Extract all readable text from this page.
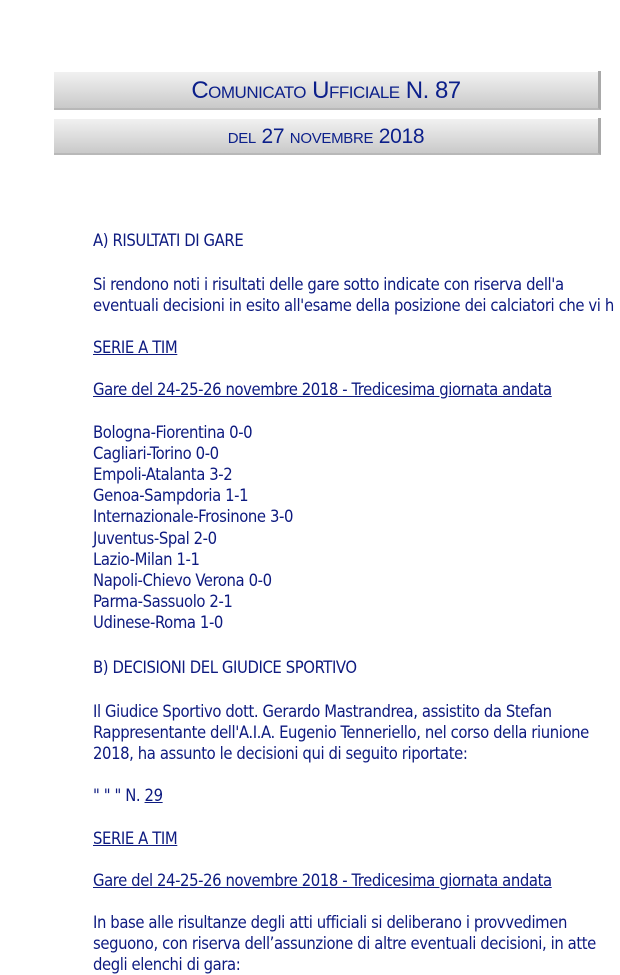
Comunicato Ufficiale N. 87
del 27 novembre 2018
A) RISULTATI DI GARE
Si rendono noti i risultati delle gare sotto indicate con riserva dell'a
eventuali decisioni in esito all'esame della posizione dei calciatori che vi h
SERIE A TIM
Gare del 24-25-26 novembre 2018 - Tredicesima giornata andata
Bologna-Fiorentina 0-0
Cagliari-Torino 0-0
Empoli-Atalanta 3-2
Genoa-Sampdoria 1-1
Internazionale-Frosinone 3-0
Juventus-Spal 2-0
Lazio-Milan 1-1
Napoli-Chievo Verona 0-0
Parma-Sassuolo 2-1
Udinese-Roma 1-0
B) DECISIONI DEL GIUDICE SPORTIVO
Il Giudice Sportivo dott. Gerardo Mastrandrea, assistito da Stefan
Rappresentante dell'A.I.A. Eugenio Tenneriello, nel corso della riunione
2018, ha assunto le decisioni qui di seguito riportate:
" " " N. 29
SERIE A TIM
Gare del 24-25-26 novembre 2018 - Tredicesima giornata andata
In base alle risultanze degli atti ufficiali si deliberano i provvedimen
seguono, con riserva dell’assunzione di altre eventuali decisioni, in atte
degli elenchi di gara:
